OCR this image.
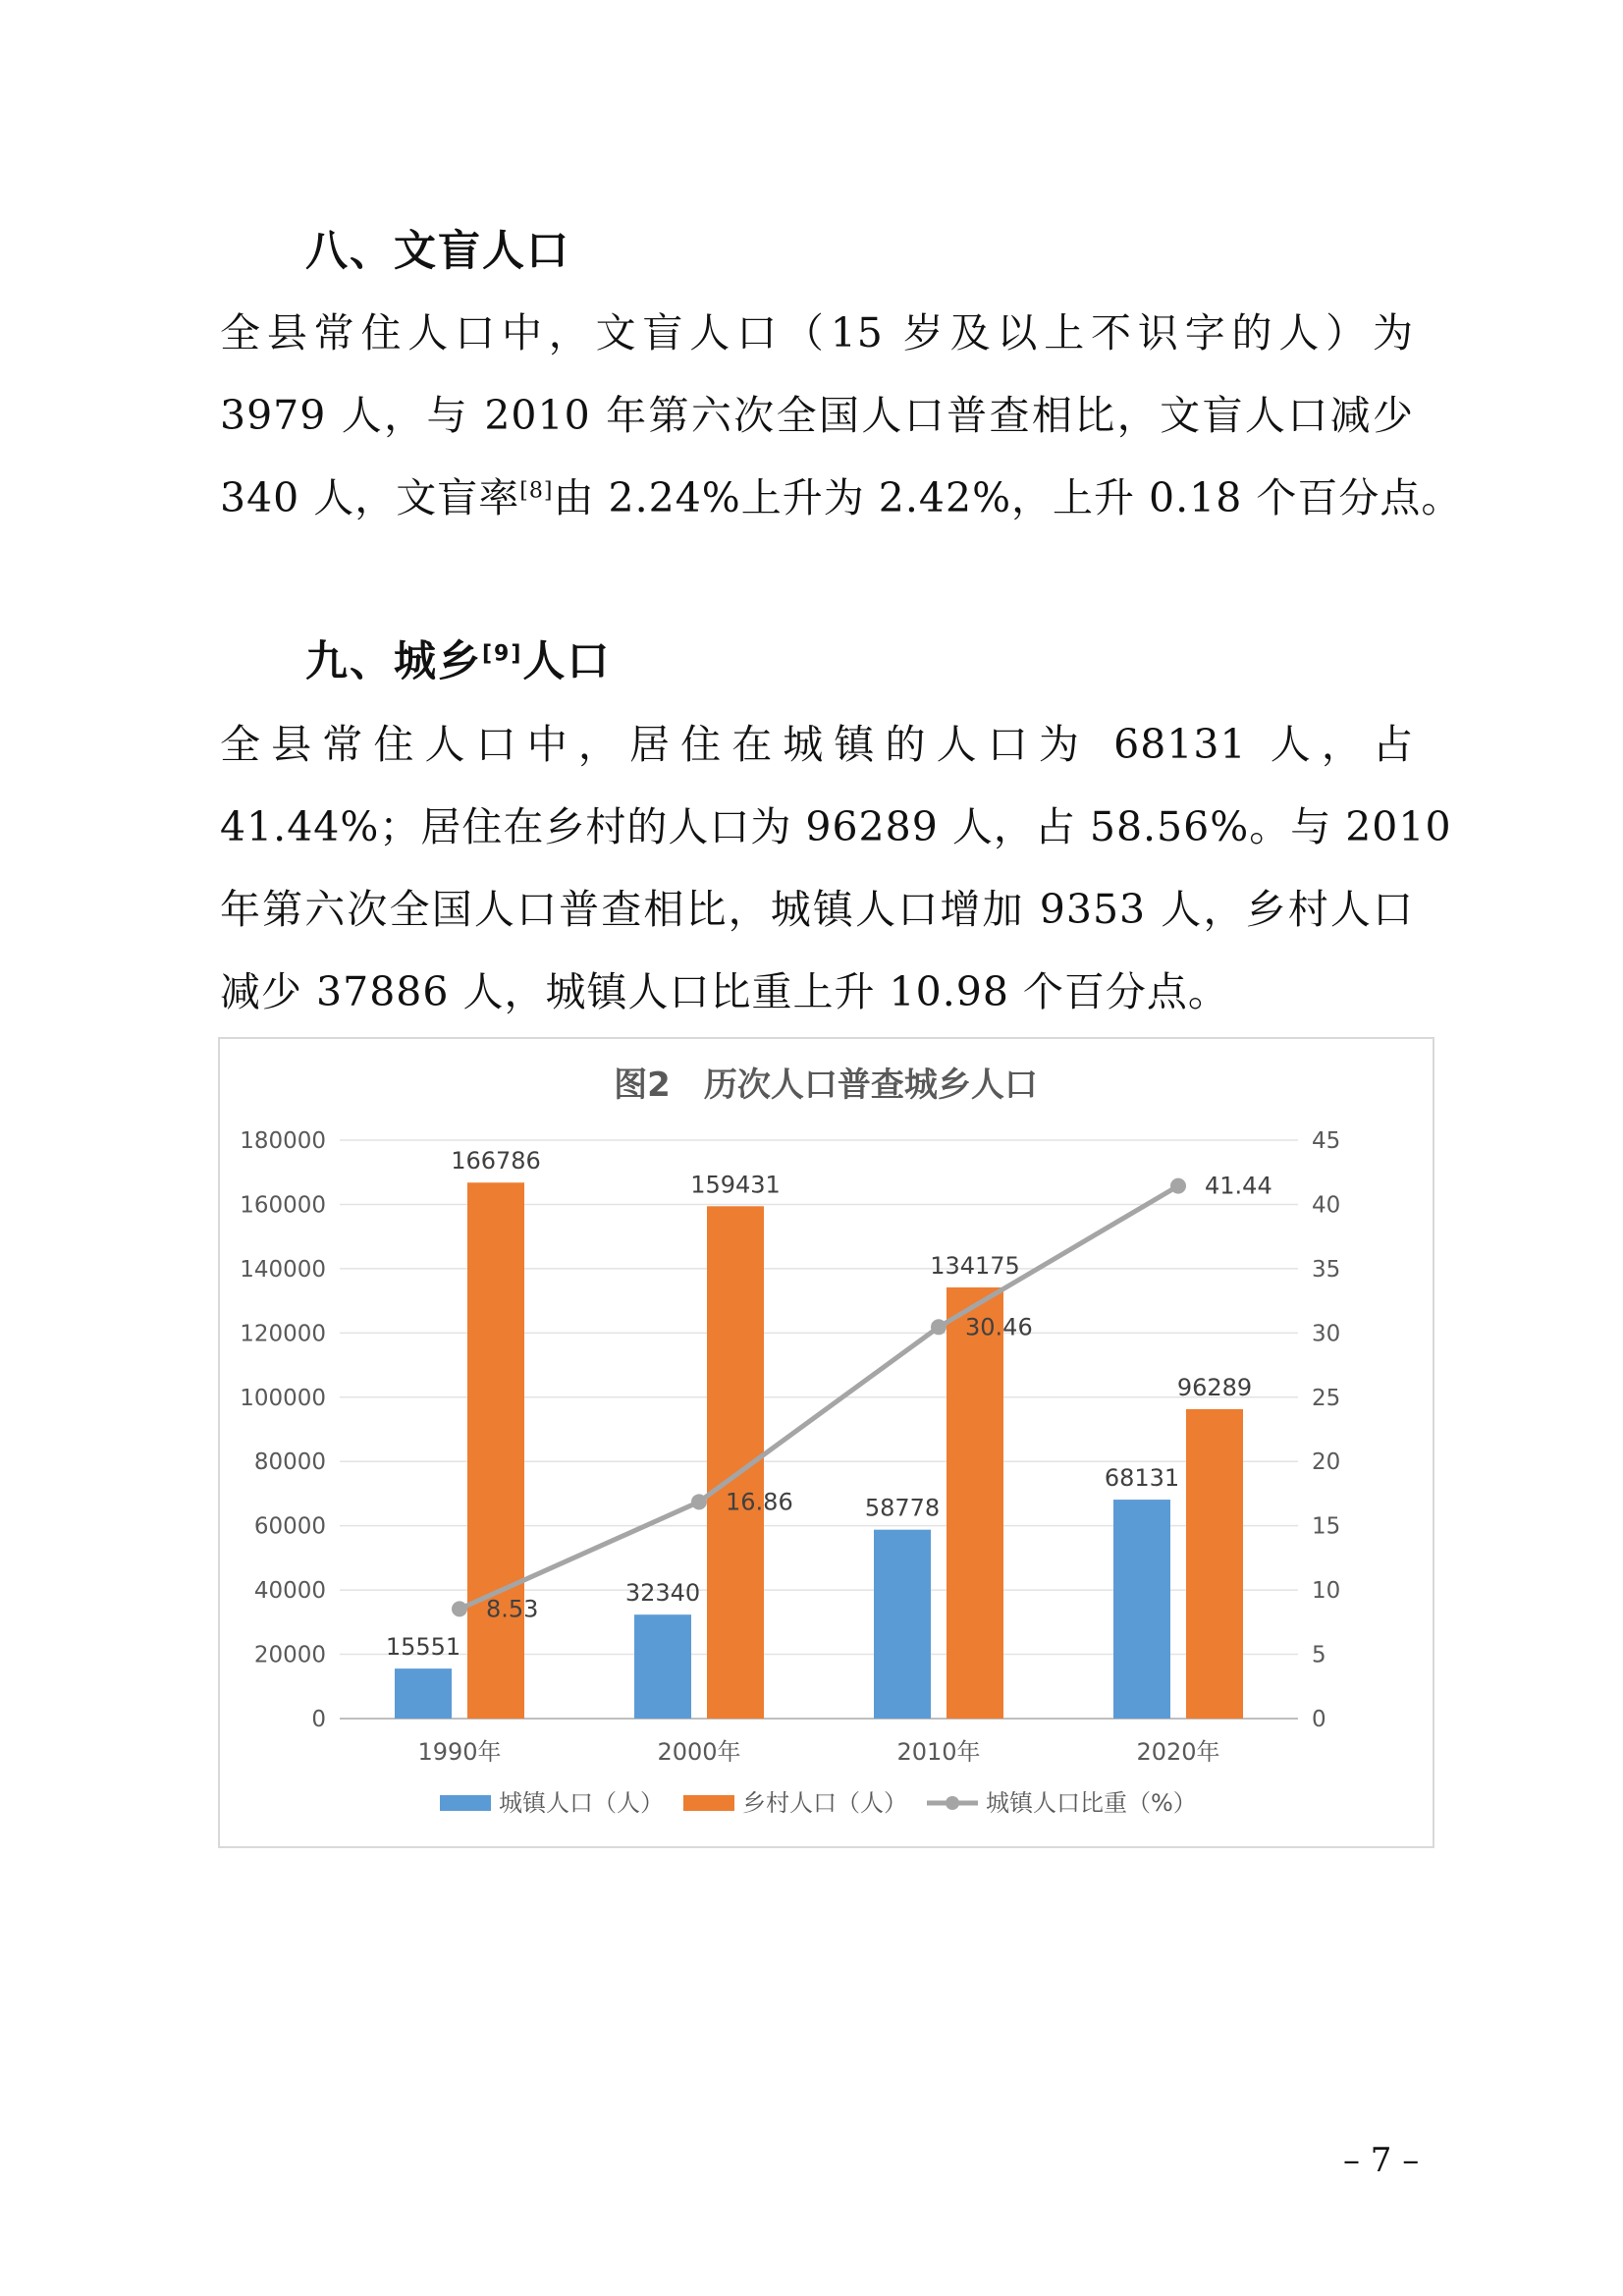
八、文盲人口
全县常住人口中，文盲人口（15 岁及以上不识字的人）为
3979 人，与 2010 年第六次全国人口普查相比，文盲人口减少
340 人，文盲率[8]由 2.24%上升为 2.42%，上升 0.18 个百分点。
九、城乡[9]人口
全县常住人口中，居住在城镇的人口为 68131 人，占
41.44%；居住在乡村的人口为 96289 人，占 58.56%。与 2010
年第六次全国人口普查相比，城镇人口增加 9353 人，乡村人口
减少 37886 人，城镇人口比重上升 10.98 个百分点。
图2　历次人口普查城乡人口
0
20000
40000
60000
80000
100000
120000
140000
160000
180000
0
5
10
15
20
25
30
35
40
45
1990年	2000年	2010年	2020年
15551
32340
58778
68131
166786
159431
134175
96289
8.53
16.86
30.46
41.44
城镇人口（人）	乡村人口（人）	城镇人口比重（%）
– 7 –
